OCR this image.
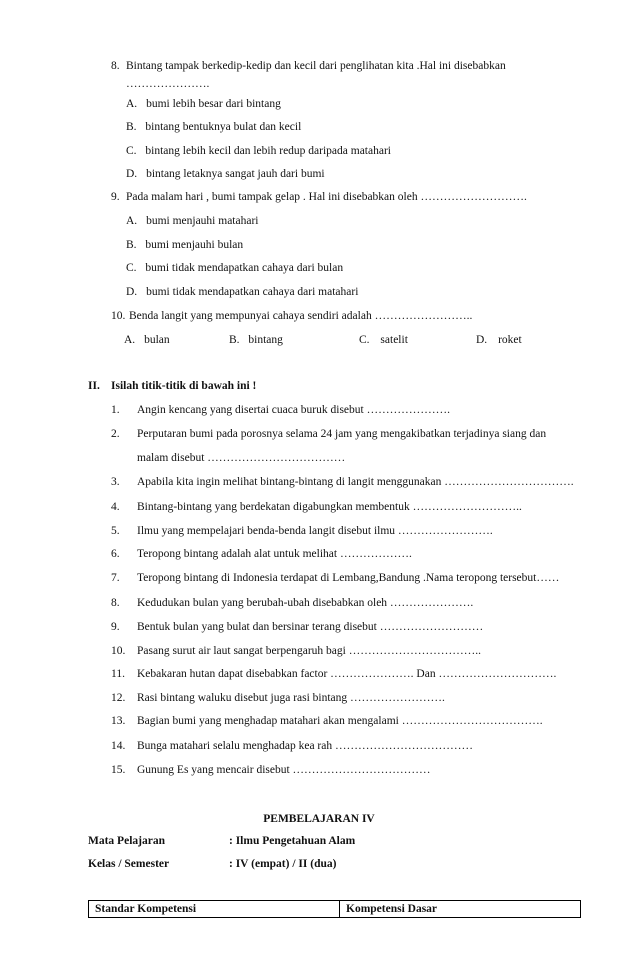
8. Bintang tampak berkedip-kedip dan kecil dari penglihatan kita .Hal ini disebabkan
………………….
A. bumi lebih besar dari bintang
B. bintang bentuknya bulat dan kecil
C. bintang lebih kecil dan lebih redup daripada matahari
D. bintang letaknya sangat jauh dari bumi
9. Pada malam hari , bumi tampak gelap . Hal ini disebabkan oleh ……………………….
A. bumi menjauhi matahari
B. bumi menjauhi bulan
C. bumi tidak mendapatkan cahaya dari bulan
D. bumi tidak mendapatkan cahaya dari matahari
10. Benda langit yang mempunyai cahaya sendiri adalah ……………………..
A. bulan	B. bintang	C. satelit	D. roket
II. Isilah titik-titik di bawah ini !
1. Angin kencang yang disertai cuaca buruk disebut ………………….
2. Perputaran bumi pada porosnya selama 24 jam yang mengakibatkan terjadinya siang dan
malam disebut ………………………………
3. Apabila kita ingin melihat bintang-bintang di langit menggunakan …………………………….
4. Bintang-bintang yang berdekatan digabungkan membentuk ………………………..
5. Ilmu yang mempelajari benda-benda langit disebut ilmu …………………….
6. Teropong bintang adalah alat untuk melihat ……………….
7. Teropong bintang di Indonesia terdapat di Lembang,Bandung .Nama teropong tersebut……
8. Kedudukan bulan yang berubah-ubah disebabkan oleh ………………….
9. Bentuk bulan yang bulat dan bersinar terang disebut ………………………
10. Pasang surut air laut sangat berpengaruh bagi ……………………………..
11. Kebakaran hutan dapat disebabkan factor …………………. Dan ………………………….
12. Rasi bintang waluku disebut juga rasi bintang …………………….
13. Bagian bumi yang menghadap matahari akan mengalami ……………………………….
14. Bunga matahari selalu menghadap kea rah ………………………………
15. Gunung Es yang mencair disebut ………………………………
PEMBELAJARAN IV
Mata Pelajaran	: Ilmu Pengetahuan Alam
Kelas / Semester	: IV (empat) / II (dua)
Standar Kompetensi	Kompetensi Dasar
